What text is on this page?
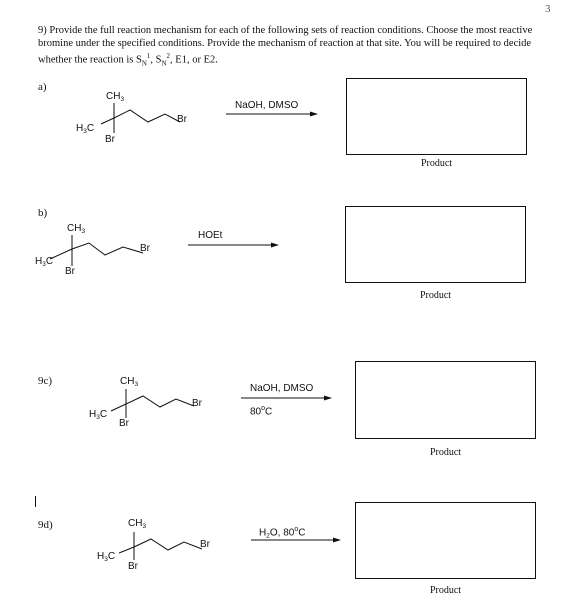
3
9) Provide the full reaction mechanism for each of the following sets of reaction conditions. Choose the most reactive bromine under the specified conditions. Provide the mechanism of reaction at that site. You will be required to decide whether the reaction is $S_N^1$, $S_N^2$, E1, or E2.
a)
$CH_3$
$H_3C$
Br
Br
NaOH, DMSO
Product
b)
$CH_3$
$H_3C$
Br
Br
HOEt
Product
9c)	$CH_3$
$H_3C$
Br
Br
NaOH, DMSO
80$^o$C
Product
9d)	$CH_3$
$H_3C$
Br
Br
$H_2O$, 80$^o$C
Product
